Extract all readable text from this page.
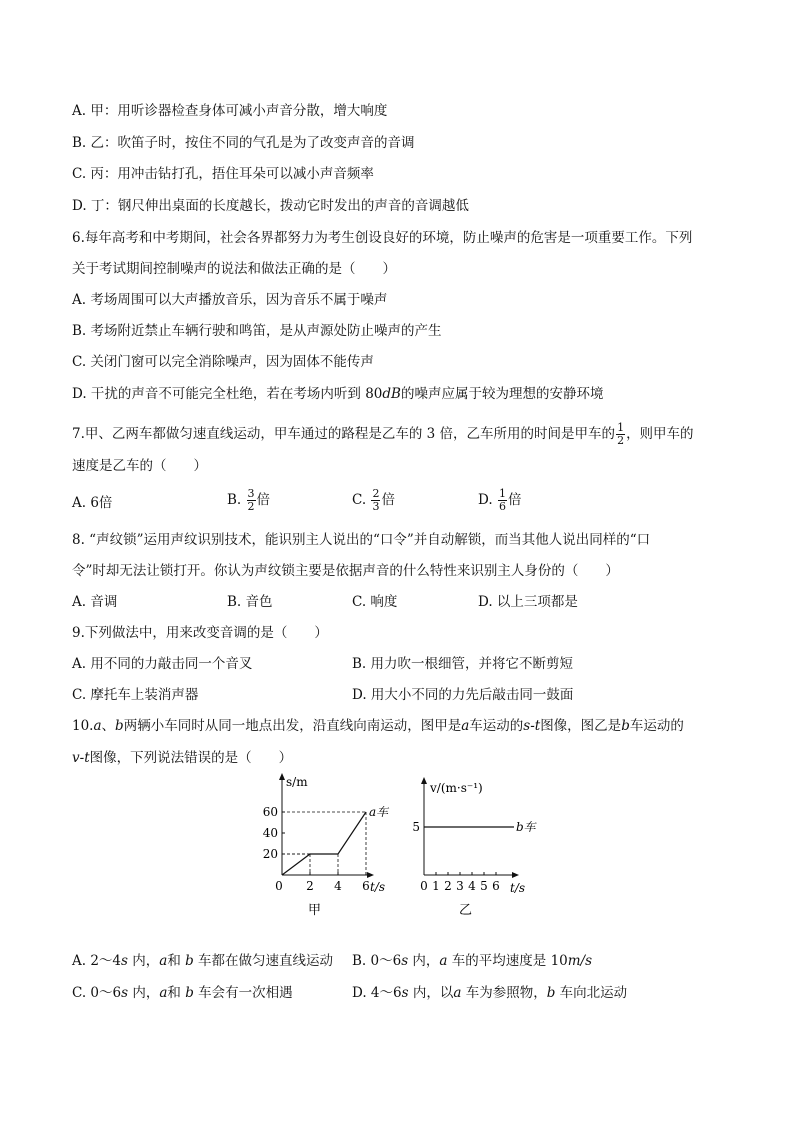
A. 甲：用听诊器检查身体可减小声音分散，增大响度
B. 乙：吹笛子时，按住不同的气孔是为了改变声音的音调
C. 丙：用冲击钻打孔，捂住耳朵可以减小声音频率
D. 丁：钢尺伸出桌面的长度越长，拨动它时发出的声音的音调越低
6.每年高考和中考期间，社会各界都努力为考生创设良好的环境，防止噪声的危害是一项重要工作。下列
关于考试期间控制噪声的说法和做法正确的是（　　）
A. 考场周围可以大声播放音乐，因为音乐不属于噪声
B. 考场附近禁止车辆行驶和鸣笛，是从声源处防止噪声的产生
C. 关闭门窗可以完全消除噪声，因为固体不能传声
D. 干扰的声音不可能完全杜绝，若在考场内听到 80dB的噪声应属于较为理想的安静环境
7.甲、乙两车都做匀速直线运动，甲车通过的路程是乙车的 3 倍，乙车所用的时间是甲车的 $\frac{1}{2}$ ，则甲车的
速度是乙车的（　　）
A. 6倍	B. $\frac{3}{2}$ 倍	C. $\frac{2}{3}$ 倍	D. $\frac{1}{6}$ 倍
8. “声纹锁”运用声纹识别技术，能识别主人说出的“口令”并自动解锁，而当其他人说出同样的“口
令”时却无法让锁打开。你认为声纹锁主要是依据声音的什么特性来识别主人身份的（　　）
A. 音调	B. 音色	C. 响度	D. 以上三项都是
9.下列做法中，用来改变音调的是（　　）
A. 用不同的力敲击同一个音叉	B. 用力吹一根细管，并将它不断剪短
C. 摩托车上装消声器	D. 用大小不同的力先后敲击同一鼓面
10.a、b两辆小车同时从同一地点出发，沿直线向南运动，图甲是a车运动的s-t图像，图乙是b车运动的
v-t图像，下列说法错误的是（　　）
0 2 4 6
20
40
60
s/m
t/s
a车
甲
0 1 2 3 4 5 6
5
v/(m·s⁻¹)
t/s
b车
乙
A. 2～4s 内，a和 b 车都在做匀速直线运动 B. 0～6s 内，a 车的平均速度是 10m/s
C. 0～6s 内，a和 b 车会有一次相遇	D. 4～6s 内，以a 车为参照物，b 车向北运动
